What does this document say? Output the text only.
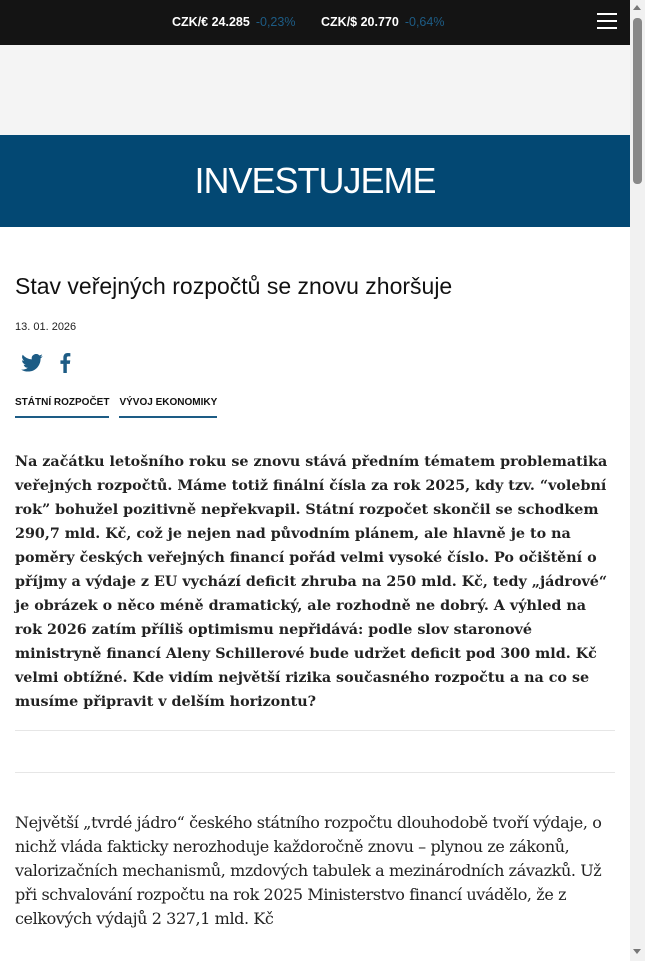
CZK/€ 24.285 -0,23% CZK/$ 20.770 -0,64%
INVESTUJEME
Stav veřejných rozpočtů se znovu zhoršuje
13. 01. 2026
STÁTNÍ ROZPOČET VÝVOJ EKONOMIKY

Na začátku letošního roku se znovu stává předním tématem problematika veřejných rozpočtů. Máme totiž finální čísla za rok 2025, kdy tzv. “volební rok” bohužel pozitivně nepřekvapil. Státní rozpočet skončil se schodkem 290,7 mld. Kč, což je nejen nad původním plánem, ale hlavně je to na poměry českých veřejných financí pořád velmi vysoké číslo. Po očištění o příjmy a výdaje z EU vychází deficit zhruba na 250 mld. Kč, tedy „jádrové“ je obrázek o něco méně dramatický, ale rozhodně ne dobrý. A výhled na rok 2026 zatím příliš optimismu nepřidává: podle slov staronové ministryně financí Aleny Schillerové bude udržet deficit pod 300 mld. Kč velmi obtížné. Kde vidím největší rizika současného rozpočtu a na co se musíme připravit v delším horizontu?

Největší „tvrdé jádro“ českého státního rozpočtu dlouhodobě tvoří výdaje, o nichž vláda fakticky nerozhoduje každoročně znovu – plynou ze zákonů, valorizačních mechanismů, mzdových tabulek a mezinárodních závazků. Už při schvalování rozpočtu na rok 2025 Ministerstvo financí uvádělo, že z celkových výdajů 2 327,1 mld. Kč
